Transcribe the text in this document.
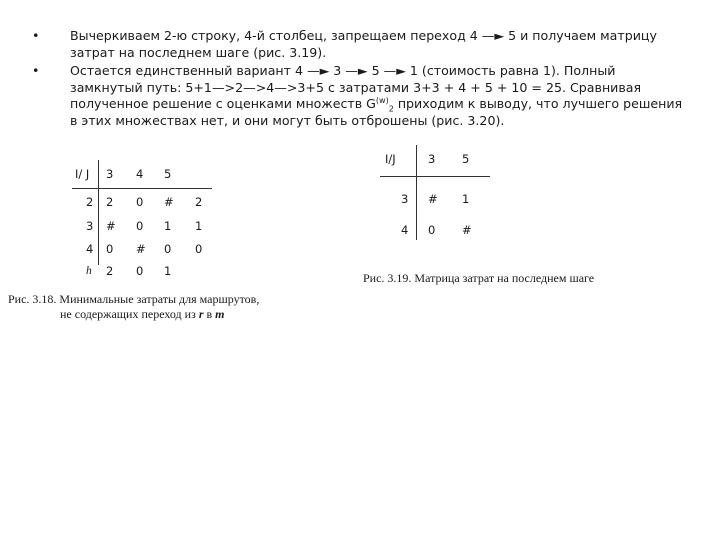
• Вычеркиваем 2-ю строку, 4-й столбец, запрещаем переход 4 —► 5 и получаем матрицу затрат на последнем шаге (рис. 3.19).
• Остается единственный вариант 4 —► 3 —► 5 —► 1 (стоимость равна 1). Полный замкнутый путь: 5+1—>2—>4—>3+5 с затратами 3+3 + 4 + 5 + 10 = 25. Сравнивая полученное решение с оценками множеств $G^{(w)}_2$ приходим к выводу, что лучшего решения в этих множествах нет, и они могут быть отброшены (рис. 3.20).
I/ J 3 4 5
2 2 0 # 2
3 # 0 1 1
4 0 # 0 0
h 2 0 1
I/J	3 5
3 # 1
4 0 #
Рис. 3.18. Минимальные затраты для маршрутов,
не содержащих переход из r в m
Рис. 3.19. Матрица затрат на последнем шаге
